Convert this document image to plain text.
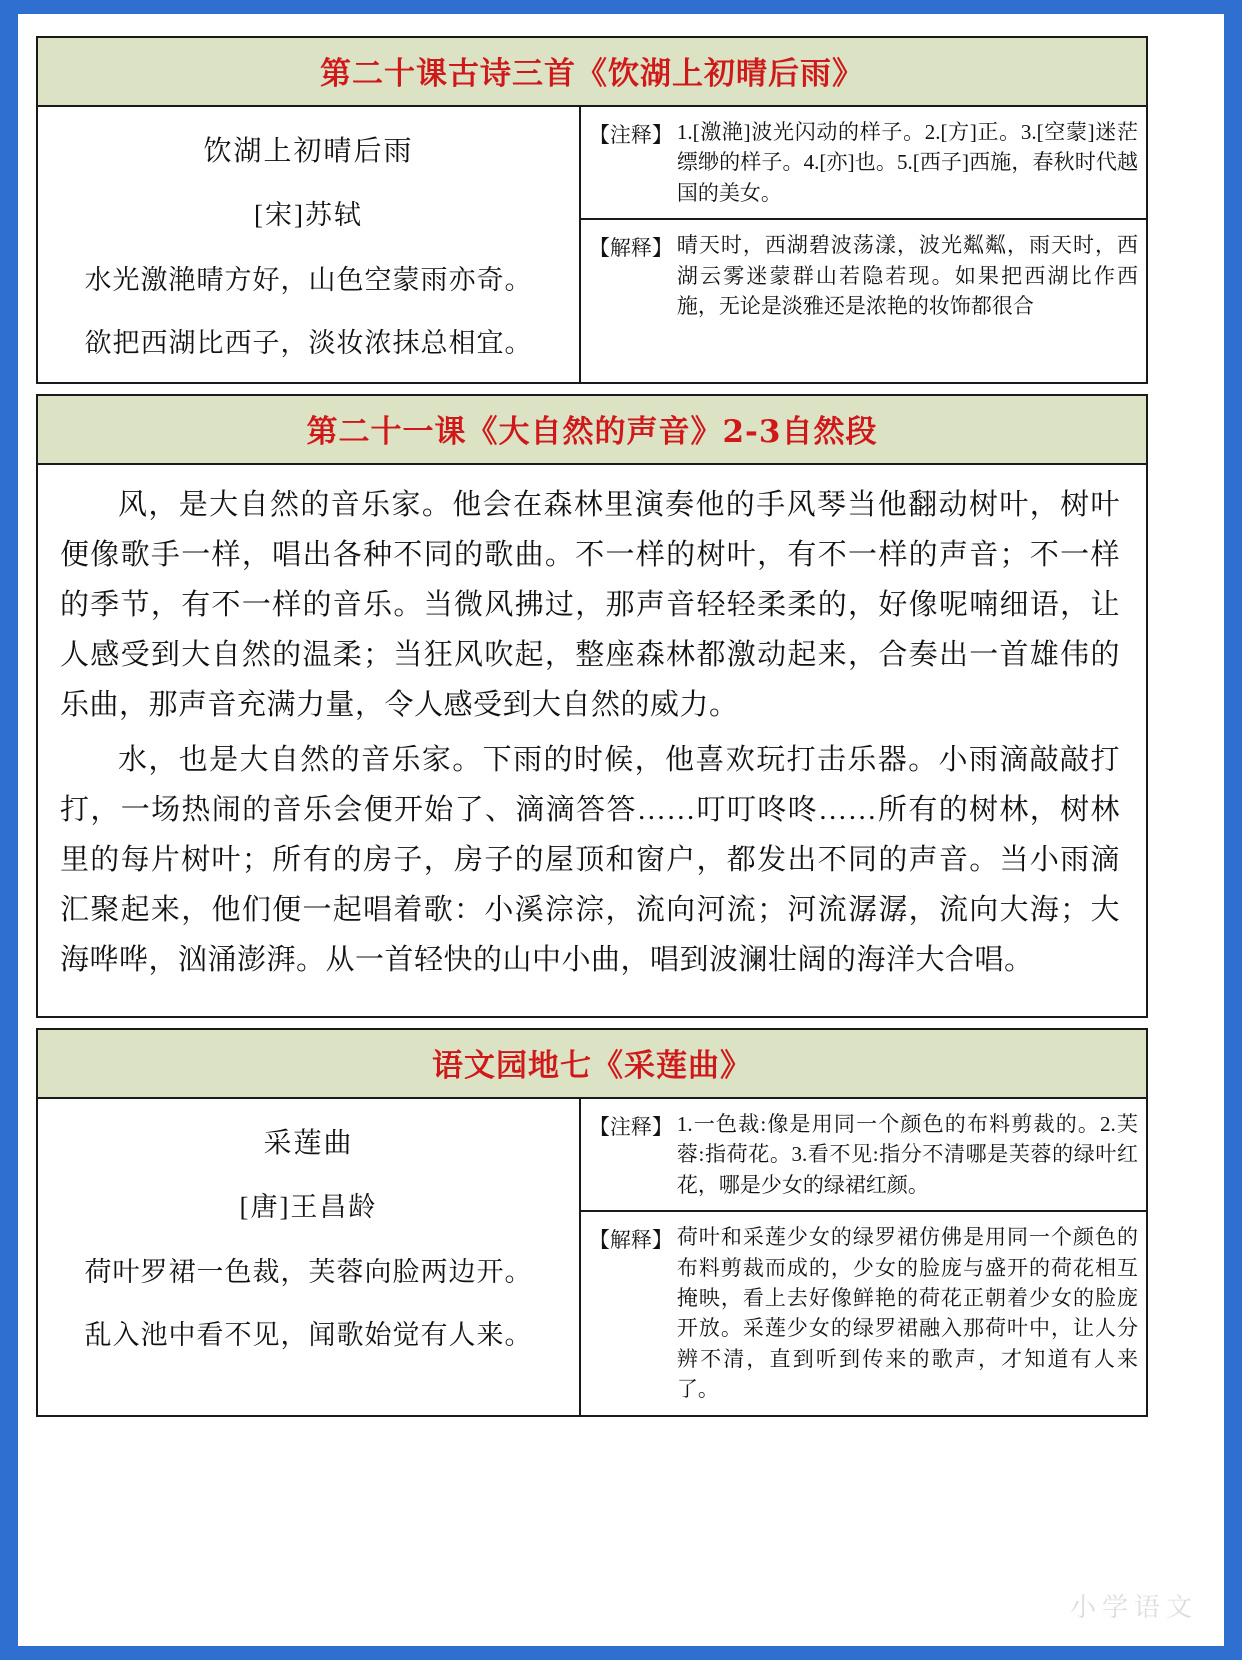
第二十课古诗三首《饮湖上初晴后雨》
饮湖上初晴后雨
[宋]苏轼
水光激滟晴方好，山色空蒙雨亦奇。
欲把西湖比西子，淡妆浓抹总相宜。
【注释】 1.[激滟]波光闪动的样子。2.[方]正。3.[空蒙]迷茫缥缈的样子。4.[亦]也。5.[西子]西施，春秋时代越国的美女。
【解释】 晴天时，西湖碧波荡漾，波光粼粼，雨天时，西湖云雾迷蒙群山若隐若现。如果把西湖比作西施，无论是淡雅还是浓艳的妆饰都很合
第二十一课《大自然的声音》2-3自然段

风，是大自然的音乐家。他会在森林里演奏他的手风琴当他翻动树叶，树叶便像歌手一样，唱出各种不同的歌曲。不一样的树叶，有不一样的声音；不一样的季节，有不一样的音乐。当微风拂过，那声音轻轻柔柔的，好像呢喃细语，让人感受到大自然的温柔；当狂风吹起，整座森林都激动起来，合奏出一首雄伟的乐曲，那声音充满力量，令人感受到大自然的威力。

水，也是大自然的音乐家。下雨的时候，他喜欢玩打击乐器。小雨滴敲敲打打，一场热闹的音乐会便开始了、滴滴答答……叮叮咚咚……所有的树林，树林里的每片树叶；所有的房子，房子的屋顶和窗户，都发出不同的声音。当小雨滴汇聚起来，他们便一起唱着歌：小溪淙淙，流向河流；河流潺潺，流向大海；大海哗哗，汹涌澎湃。从一首轻快的山中小曲，唱到波澜壮阔的海洋大合唱。

语文园地七《采莲曲》
采莲曲
[唐]王昌龄
荷叶罗裙一色裁，芙蓉向脸两边开。
乱入池中看不见，闻歌始觉有人来。
【注释】 1.一色裁:像是用同一个颜色的布料剪裁的。2.芙蓉:指荷花。3.看不见:指分不清哪是芙蓉的绿叶红花，哪是少女的绿裙红颜。
【解释】 荷叶和采莲少女的绿罗裙仿佛是用同一个颜色的布料剪裁而成的，少女的脸庞与盛开的荷花相互掩映，看上去好像鲜艳的荷花正朝着少女的脸庞开放。采莲少女的绿罗裙融入那荷叶中，让人分辨不清，直到听到传来的歌声，才知道有人来了。
小学语文
